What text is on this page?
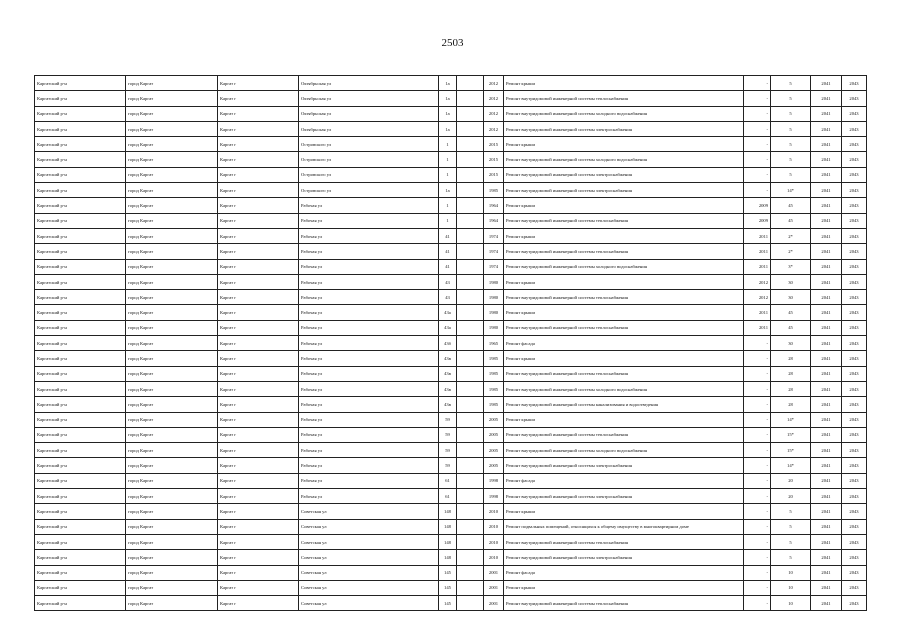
2503
Каргатский р-н	город Каргат	Каргат г	Октябрьская ул	1а		2012	Ремонт крыши	-	5	2041	2043
Каргатский р-н	город Каргат	Каргат г	Октябрьская ул	1а		2012	Ремонт внутридомовой инженерной системы теплоснабжения	-	5	2041	2043
Каргатский р-н	город Каргат	Каргат г	Октябрьская ул	1а		2012	Ремонт внутридомовой инженерной системы холодного водоснабжения	-	5	2041	2043
Каргатский р-н	город Каргат	Каргат г	Октябрьская ул	1а		2012	Ремонт внутридомовой инженерной системы электроснабжения	-	5	2041	2043
Каргатский р-н	город Каргат	Каргат г	Островского ул	1		2015	Ремонт крыши	-	5	2041	2043
Каргатский р-н	город Каргат	Каргат г	Островского ул	1		2015	Ремонт внутридомовой инженерной системы холодного водоснабжения	-	5	2041	2043
Каргатский р-н	город Каргат	Каргат г	Островского ул	1		2015	Ремонт внутридомовой инженерной системы электроснабжения	-	5	2041	2043
Каргатский р-н	город Каргат	Каргат г	Островского ул	1а		1985	Ремонт внутридомовой инженерной системы электроснабжения	-	14*	2041	2043
Каргатский р-н	город Каргат	Каргат г	Рабочая ул	1		1964	Ремонт крыши	2009	45	2041	2043
Каргатский р-н	город Каргат	Каргат г	Рабочая ул	1		1964	Ремонт внутридомовой инженерной системы теплоснабжения	2009	45	2041	2043
Каргатский р-н	город Каргат	Каргат г	Рабочая ул	41		1974	Ремонт крыши	2011	2*	2041	2043
Каргатский р-н	город Каргат	Каргат г	Рабочая ул	41		1974	Ремонт внутридомовой инженерной системы теплоснабжения	2011	2*	2041	2043
Каргатский р-н	город Каргат	Каргат г	Рабочая ул	41		1974	Ремонт внутридомовой инженерной системы холодного водоснабжения	2011	3*	2041	2043
Каргатский р-н	город Каргат	Каргат г	Рабочая ул	43		1980	Ремонт крыши	2012	30	2041	2043
Каргатский р-н	город Каргат	Каргат г	Рабочая ул	43		1980	Ремонт внутридомовой инженерной системы теплоснабжения	2012	30	2041	2043
Каргатский р-н	город Каргат	Каргат г	Рабочая ул	43а		1980	Ремонт крыши	2011	45	2041	2043
Каргатский р-н	город Каргат	Каргат г	Рабочая ул	43а		1980	Ремонт внутридомовой инженерной системы теплоснабжения	2011	45	2041	2043
Каргатский р-н	город Каргат	Каргат г	Рабочая ул	43б		1965	Ремонт фасада	-	30	2041	2043
Каргатский р-н	город Каргат	Каргат г	Рабочая ул	43в		1985	Ремонт крыши	-	28	2041	2043
Каргатский р-н	город Каргат	Каргат г	Рабочая ул	43в		1985	Ремонт внутридомовой инженерной системы теплоснабжения	-	28	2041	2043
Каргатский р-н	город Каргат	Каргат г	Рабочая ул	43в		1985	Ремонт внутридомовой инженерной системы холодного водоснабжения	-	28	2041	2043
Каргатский р-н	город Каргат	Каргат г	Рабочая ул	43в		1985	Ремонт внутридомовой инженерной системы канализования и водоотведения	-	28	2041	2043
Каргатский р-н	город Каргат	Каргат г	Рабочая ул	59		2005	Ремонт крыши	-	14*	2041	2043
Каргатский р-н	город Каргат	Каргат г	Рабочая ул	59		2005	Ремонт внутридомовой инженерной системы теплоснабжения	-	15*	2041	2043
Каргатский р-н	город Каргат	Каргат г	Рабочая ул	59		2005	Ремонт внутридомовой инженерной системы холодного водоснабжения	-	15*	2041	2043
Каргатский р-н	город Каргат	Каргат г	Рабочая ул	59		2005	Ремонт внутридомовой инженерной системы электроснабжения	-	14*	2041	2043
Каргатский р-н	город Каргат	Каргат г	Рабочая ул	61		1998	Ремонт фасада	-	20	2041	2043
Каргатский р-н	город Каргат	Каргат г	Рабочая ул	61		1998	Ремонт внутридомовой инженерной системы электроснабжения	-	20	2041	2043
Каргатский р-н	город Каргат	Каргат г	Советская ул	148		2010	Ремонт крыши	-	5	2041	2043
Каргатский р-н	город Каргат	Каргат г	Советская ул	148		2010	Ремонт подвальных помещений, относящихся к общему имуществу в многоквартирном доме	-	5	2041	2043
Каргатский р-н	город Каргат	Каргат г	Советская ул	148		2010	Ремонт внутридомовой инженерной системы теплоснабжения	-	5	2041	2043
Каргатский р-н	город Каргат	Каргат г	Советская ул	148		2010	Ремонт внутридомовой инженерной системы электроснабжения	-	5	2041	2043
Каргатский р-н	город Каргат	Каргат г	Советская ул	145		2001	Ремонт фасада	-	10	2041	2043
Каргатский р-н	город Каргат	Каргат г	Советская ул	145		2001	Ремонт крыши	-	10	2041	2043
Каргатский р-н	город Каргат	Каргат г	Советская ул	145		2001	Ремонт внутридомовой инженерной системы теплоснабжения	-	10	2041	2043
